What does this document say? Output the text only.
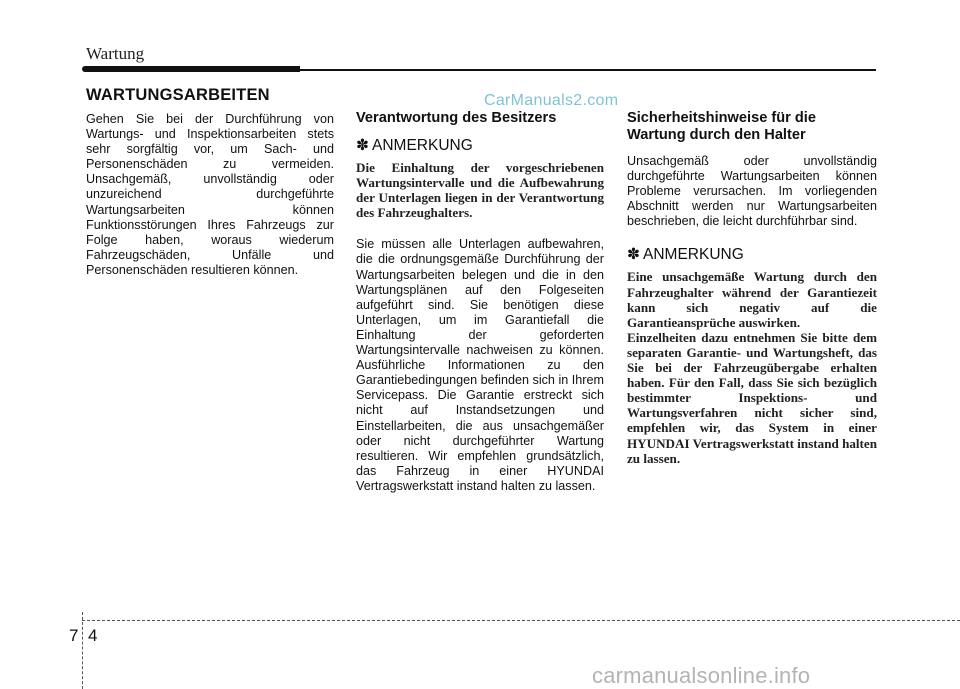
Wartung
WARTUNGSARBEITEN	CarManuals2.com

Gehen Sie bei der Durchführung von Wartungs- und Inspektionsarbeiten stets sehr sorgfältig vor, um Sach- und Personenschäden zu vermeiden. Unsachgemäß, unvollständig oder unzureichend durchgeführte Wartungsarbeiten können Funktionsstörungen Ihres Fahrzeugs zur Folge haben, woraus wiederum Fahrzeugschäden, Unfälle und Personenschäden resultieren können.

Verantwortung des Besitzers
✽ ANMERKUNG

Die Einhaltung der vorgeschriebenen Wartungsintervalle und die Aufbewahrung der Unterlagen liegen in der Verantwortung des Fahrzeughalters.

Sie müssen alle Unterlagen aufbewahren, die die ordnungsgemäße Durchführung der Wartungsarbeiten belegen und die in den Wartungsplänen auf den Folgeseiten aufgeführt sind. Sie benötigen diese Unterlagen, um im Garantiefall die Einhaltung der geforderten Wartungsintervalle nachweisen zu können. Ausführliche Informationen zu den Garantiebedingungen befinden sich in Ihrem Servicepass. Die Garantie erstreckt sich nicht auf Instandsetzungen und Einstellarbeiten, die aus unsachgemäßer oder nicht durchgeführter Wartung resultieren. Wir empfehlen grundsätzlich, das Fahrzeug in einer HYUNDAI Vertragswerkstatt instand halten zu lassen.

Sicherheitshinweise für die Wartung durch den Halter

Unsachgemäß oder unvollständig durchgeführte Wartungsarbeiten können Probleme verursachen. Im vorliegenden Abschnitt werden nur Wartungsarbeiten beschrieben, die leicht durchführbar sind.

✽ ANMERKUNG

Eine unsachgemäße Wartung durch den Fahrzeughalter während der Garantiezeit kann sich negativ auf die Garantieansprüche auswirken.

Einzelheiten dazu entnehmen Sie bitte dem separaten Garantie- und Wartungsheft, das Sie bei der Fahrzeugübergabe erhalten haben. Für den Fall, dass Sie sich bezüglich bestimmter Inspektions- und Wartungsverfahren nicht sicher sind, empfehlen wir, das System in einer HYUNDAI Vertragswerkstatt instand halten zu lassen.

7 4
carmanualsonline.info
